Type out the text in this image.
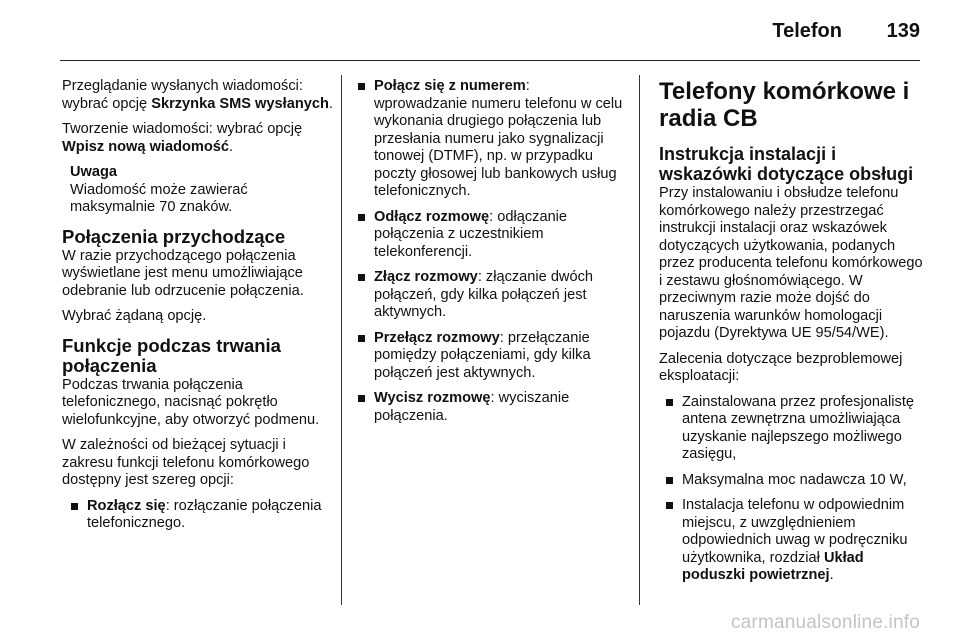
Telefon 139

Przeglądanie wysłanych wiadomości: wybrać opcję Skrzynka SMS wysłanych.

Tworzenie wiadomości: wybrać opcję Wpisz nową wiadomość.

Uwaga
Wiadomość może zawierać maksymalnie 70 znaków.
Połączenia przychodzące

W razie przychodzącego połączenia wyświetlane jest menu umożliwiające odebranie lub odrzucenie połączenia.

Wybrać żądaną opcję.

Funkcje podczas trwania połączenia

Podczas trwania połączenia telefonicznego, nacisnąć pokrętło wielofunkcyjne, aby otworzyć podmenu.

W zależności od bieżącej sytuacji i zakresu funkcji telefonu komórkowego dostępny jest szereg opcji:

Rozłącz się: rozłączanie połączenia telefonicznego.
Połącz się z numerem: wprowadzanie numeru telefonu w celu wykonania drugiego połączenia lub przesłania numeru jako sygnalizacji tonowej (DTMF), np. w przypadku poczty głosowej lub bankowych usług telefonicznych.
Odłącz rozmowę: odłączanie połączenia z uczestnikiem telekonferencji.
Złącz rozmowy: złączanie dwóch połączeń, gdy kilka połączeń jest aktywnych.
Przełącz rozmowy: przełączanie pomiędzy połączeniami, gdy kilka połączeń jest aktywnych.
Wycisz rozmowę: wyciszanie połączenia.
Telefony komórkowe i radia CB
Instrukcja instalacji i wskazówki dotyczące obsługi

Przy instalowaniu i obsłudze telefonu komórkowego należy przestrzegać instrukcji instalacji oraz wskazówek dotyczących użytkowania, podanych przez producenta telefonu komórkowego i zestawu głośnomówiącego. W przeciwnym razie może dojść do naruszenia warunków homologacji pojazdu (Dyrektywa UE 95/54/WE).

Zalecenia dotyczące bezproblemowej eksploatacji:

Zainstalowana przez profesjonalistę antena zewnętrzna umożliwiająca uzyskanie najlepszego możliwego zasięgu,
Maksymalna moc nadawcza 10 W,
Instalacja telefonu w odpowiednim miejscu, z uwzględnieniem odpowiednich uwag w podręczniku użytkownika, rozdział Układ poduszki powietrznej.
carmanualsonline.info
